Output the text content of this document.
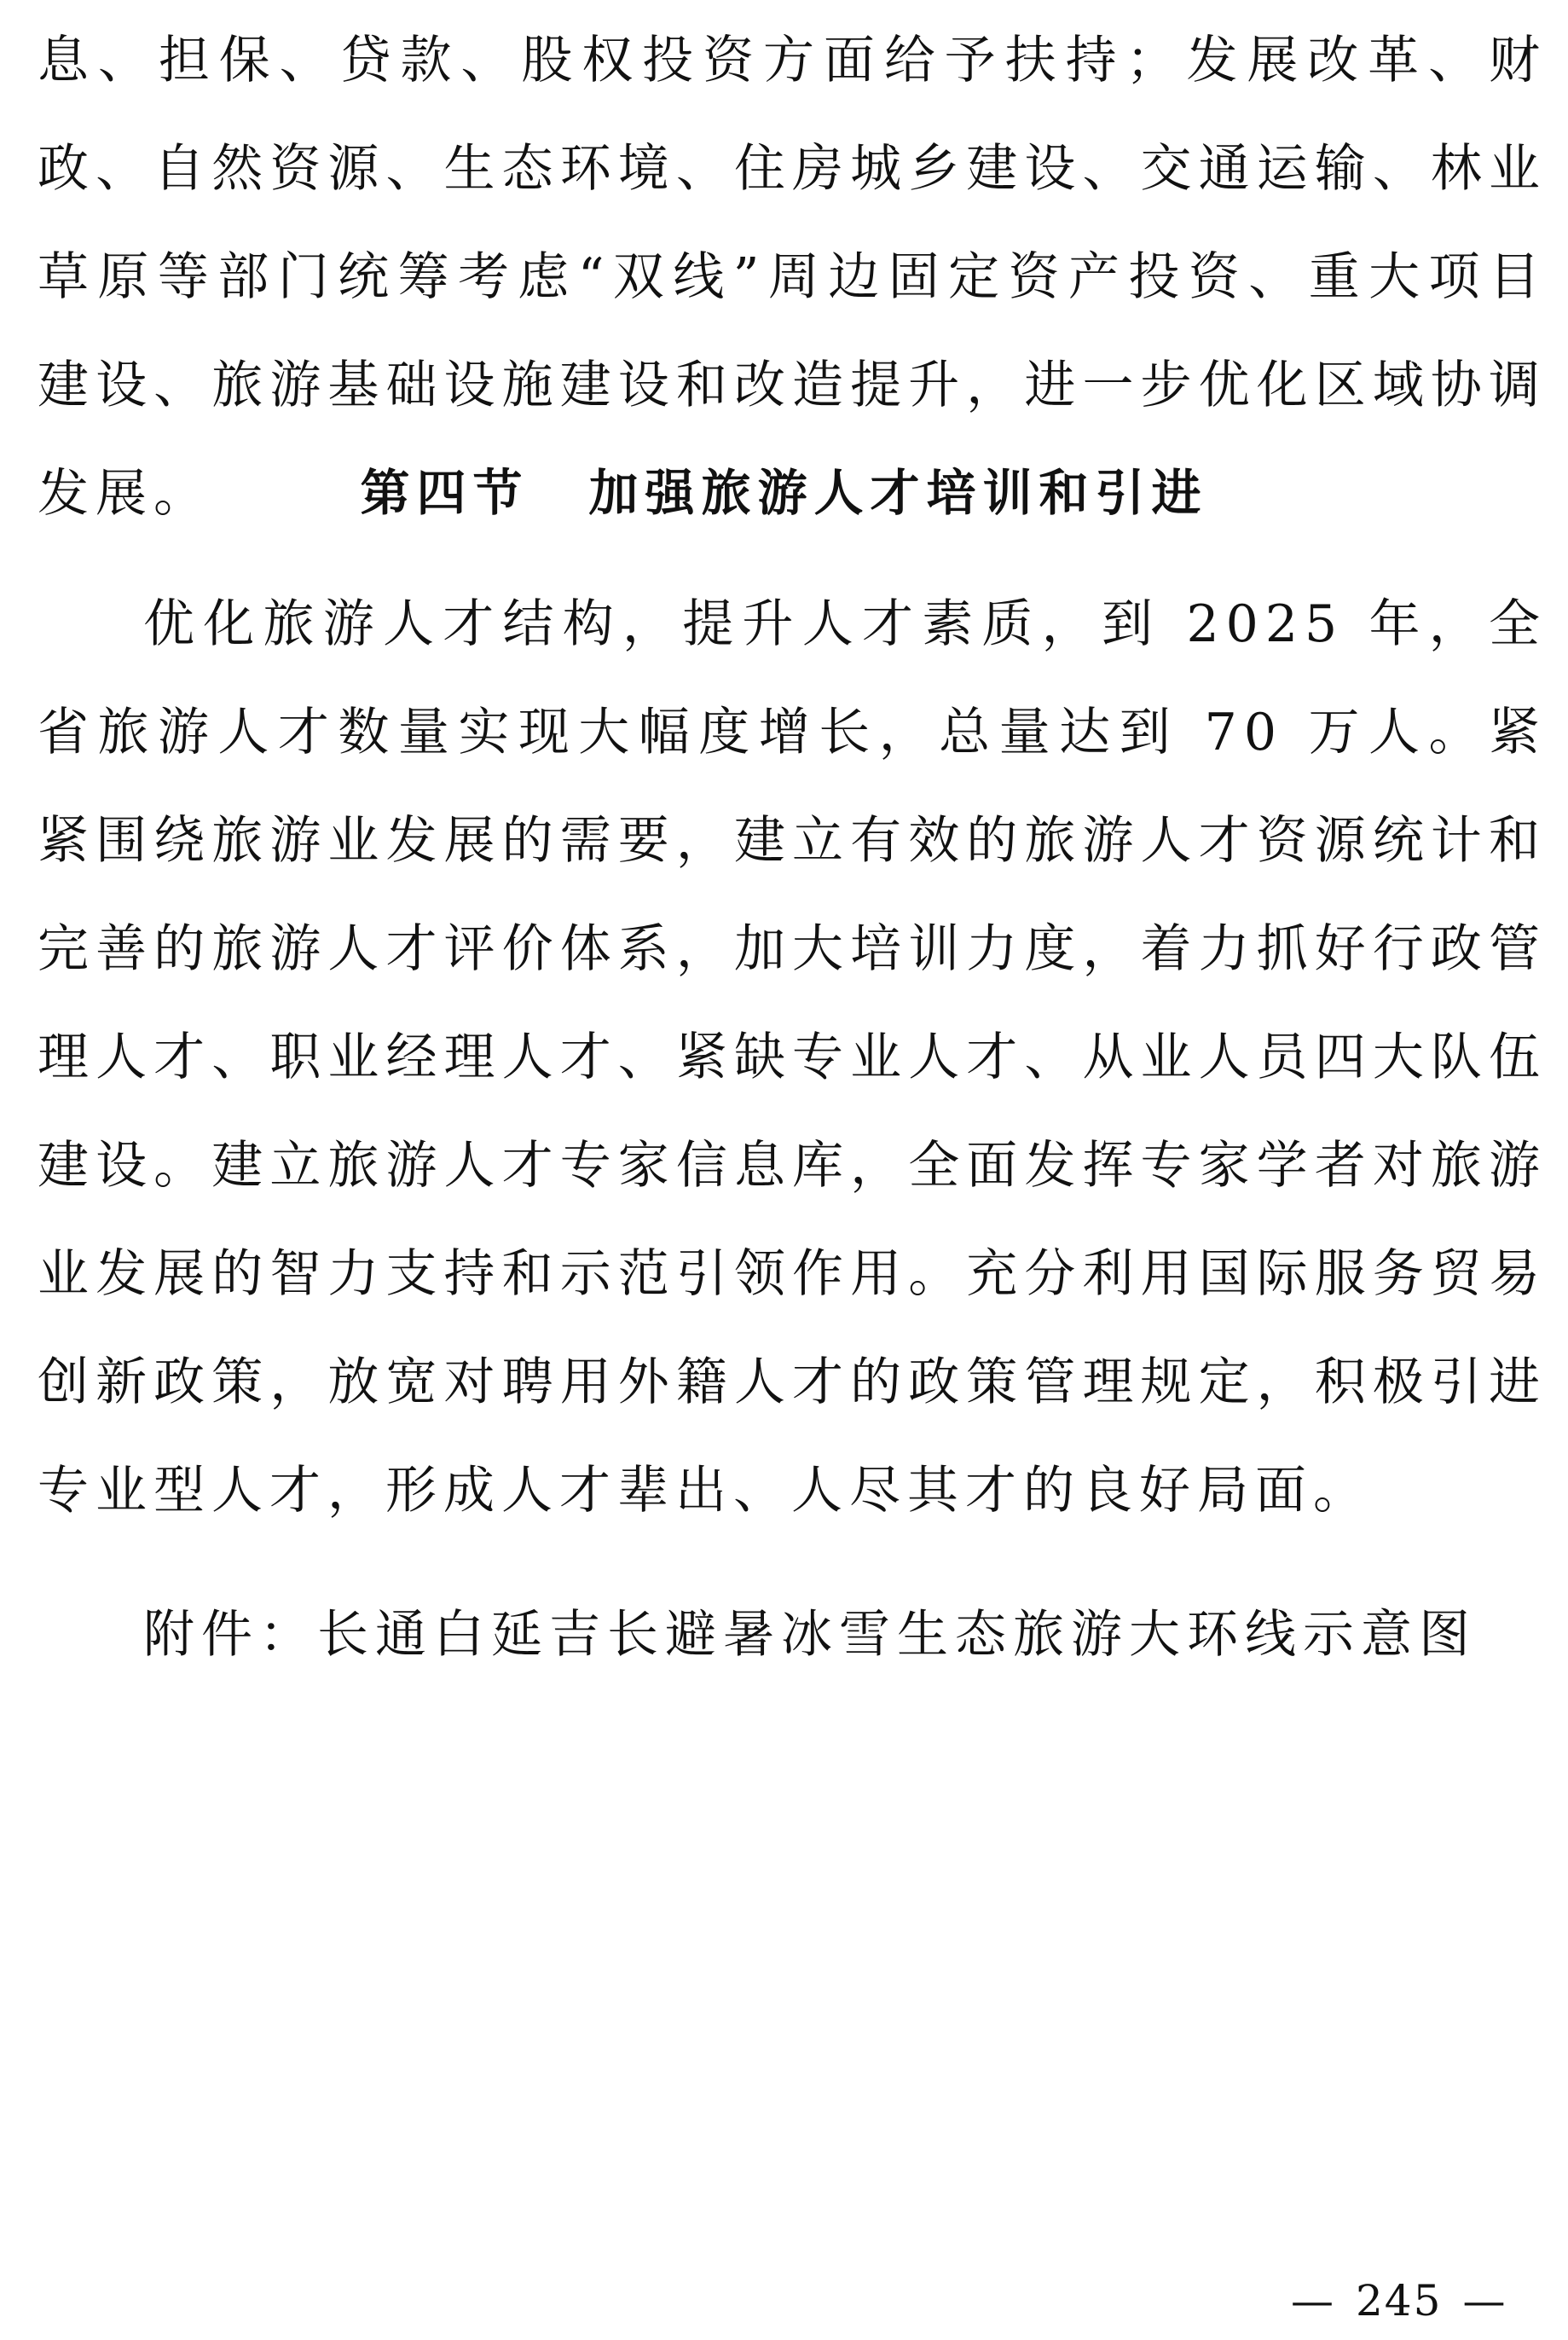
息、担保、贷款、股权投资方面给予扶持；发展改革、财政、自然资源、生态环境、住房城乡建设、交通运输、林业草原等部门统筹考虑“双线”周边固定资产投资、重大项目建设、旅游基础设施建设和改造提升，进一步优化区域协调发展。	第四节 加强旅游人才培训和引进

优化旅游人才结构，提升人才素质，到 2025 年，全省旅游人才数量实现大幅度增长，总量达到 70 万人。紧紧围绕旅游业发展的需要，建立有效的旅游人才资源统计和完善的旅游人才评价体系，加大培训力度，着力抓好行政管理人才、职业经理人才、紧缺专业人才、从业人员四大队伍建设。建立旅游人才专家信息库，全面发挥专家学者对旅游业发展的智力支持和示范引领作用。充分利用国际服务贸易创新政策，放宽对聘用外籍人才的政策管理规定，积极引进专业型人才，形成人才辈出、人尽其才的良好局面。

附件：长通白延吉长避暑冰雪生态旅游大环线示意图

— 245 —
